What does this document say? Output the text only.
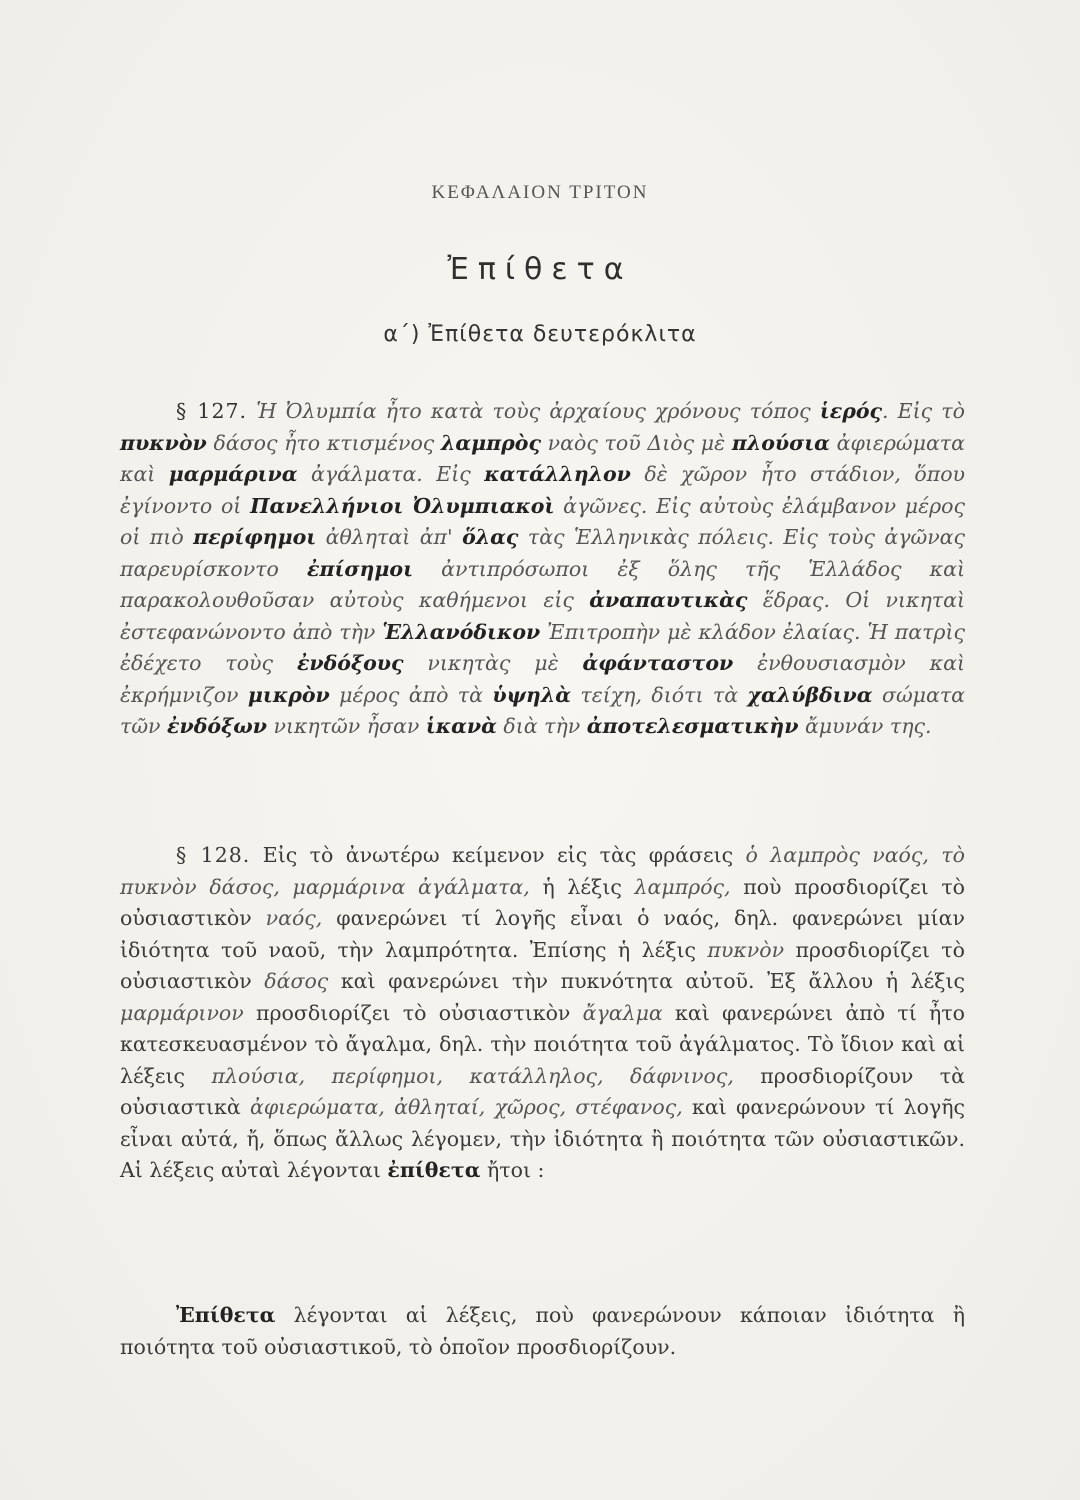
ΚΕΦΑΛΑΙΟΝ ΤΡΙΤΟΝ
Ἐπίθετα
α΄) Ἐπίθετα δευτερόκλιτα

§ 127. Ἡ Ὀλυμπία ἦτο κατὰ τοὺς ἀρχαίους χρόνους τόπος ἱερός. Εἰς τὸ πυκνὸν δάσος ἦτο κτισμένος λαμπρὸς ναὸς τοῦ Διὸς μὲ πλούσια ἀφιερώματα καὶ μαρμάρινα ἀγάλματα. Εἰς κατάλληλον δὲ χῶρον ἦτο στάδιον, ὅπου ἐγίνοντο οἱ Πανελλήνιοι Ὀλυμπιακοὶ ἀγῶνες. Εἰς αὐτοὺς ἐλάμβανον μέρος οἱ πιὸ περίφημοι ἀθληταὶ ἀπ' ὅλας τὰς Ἑλληνικὰς πόλεις. Εἰς τοὺς ἀγῶνας παρευρίσκοντο ἐπίσημοι ἀντιπρόσωποι ἐξ ὅλης τῆς Ἑλλάδος καὶ παρακολουθοῦσαν αὐτοὺς καθήμενοι εἰς ἀναπαυτικὰς ἕδρας. Οἱ νικηταὶ ἐστεφανώνοντο ἀπὸ τὴν Ἑλλανόδικον Ἐπιτροπὴν μὲ κλάδον ἐλαίας. Ἡ πατρὶς ἐδέχετο τοὺς ἐνδόξους νικητὰς μὲ ἀφάνταστον ἐνθουσιασμὸν καὶ ἐκρήμνιζον μικρὸν μέρος ἀπὸ τὰ ὑψηλὰ τείχη, διότι τὰ χαλύβδινα σώματα τῶν ἐνδόξων νικητῶν ἦσαν ἱκανὰ διὰ τὴν ἀποτελεσματικὴν ἄμυνάν της.

§ 128. Εἰς τὸ ἀνωτέρω κείμενον εἰς τὰς φράσεις ὁ λαμπρὸς ναός, τὸ πυκνὸν δάσος, μαρμάρινα ἀγάλματα, ἡ λέξις λαμπρός, ποὺ προσδιορίζει τὸ οὐσιαστικὸν ναός, φανερώνει τί λογῆς εἶναι ὁ ναός, δηλ. φανερώνει μίαν ἰδιότητα τοῦ ναοῦ, τὴν λαμπρότητα. Ἐπίσης ἡ λέξις πυκνὸν προσδιορίζει τὸ οὐσιαστικὸν δάσος καὶ φανερώνει τὴν πυκνότητα αὐτοῦ. Ἐξ ἄλλου ἡ λέξις μαρμάρινον προσδιορίζει τὸ οὐσιαστικὸν ἄγαλμα καὶ φανερώνει ἀπὸ τί ἦτο κατεσκευασμένον τὸ ἄγαλμα, δηλ. τὴν ποιότητα τοῦ ἀγάλματος. Τὸ ἴδιον καὶ αἱ λέξεις πλούσια, περίφημοι, κατάλληλος, δάφνινος, προσδιορίζουν τὰ οὐσιαστικὰ ἀφιερώματα, ἀθληταί, χῶρος, στέφανος, καὶ φανερώνουν τί λογῆς εἶναι αὐτά, ἤ, ὅπως ἄλλως λέγομεν, τὴν ἰδιότητα ἢ ποιότητα τῶν οὐσιαστικῶν. Αἱ λέξεις αὐταὶ λέγονται ἐπίθετα ἤτοι :

Ἐπίθετα λέγονται αἱ λέξεις, ποὺ φανερώνουν κάποιαν ἰδιότητα ἢ ποιότητα τοῦ οὐσιαστικοῦ, τὸ ὁποῖον προσδιορίζουν.
